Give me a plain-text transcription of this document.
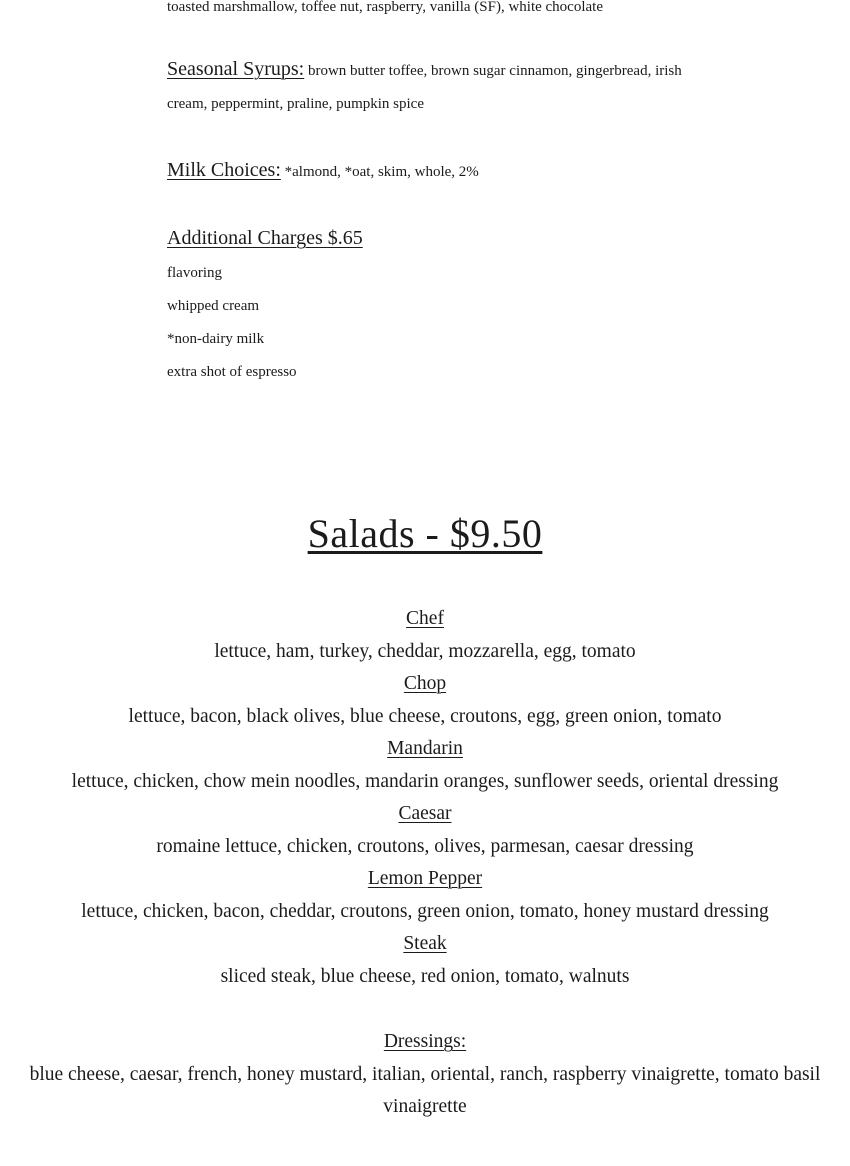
toasted marshmallow, toffee nut, raspberry, vanilla (SF), white chocolate

Seasonal Syrups: brown butter toffee, brown sugar cinnamon, gingerbread, irish cream, peppermint, praline, pumpkin spice

Milk Choices: *almond, *oat, skim, whole, 2%

Additional Charges $.65

flavoring

whipped cream

*non-dairy milk

extra shot of espresso

Salads - $9.50
Chef
lettuce, ham, turkey, cheddar, mozzarella, egg, tomato
Chop
lettuce, bacon, black olives, blue cheese, croutons, egg, green onion, tomato
Mandarin
lettuce, chicken, chow mein noodles, mandarin oranges, sunflower seeds, oriental dressing
Caesar
romaine lettuce, chicken, croutons, olives, parmesan, caesar dressing
Lemon Pepper
lettuce, chicken, bacon, cheddar, croutons, green onion, tomato, honey mustard dressing
Steak
sliced steak, blue cheese, red onion, tomato, walnuts
Dressings:
blue cheese, caesar, french, honey mustard, italian, oriental, ranch, raspberry vinaigrette, tomato basil vinaigrette
